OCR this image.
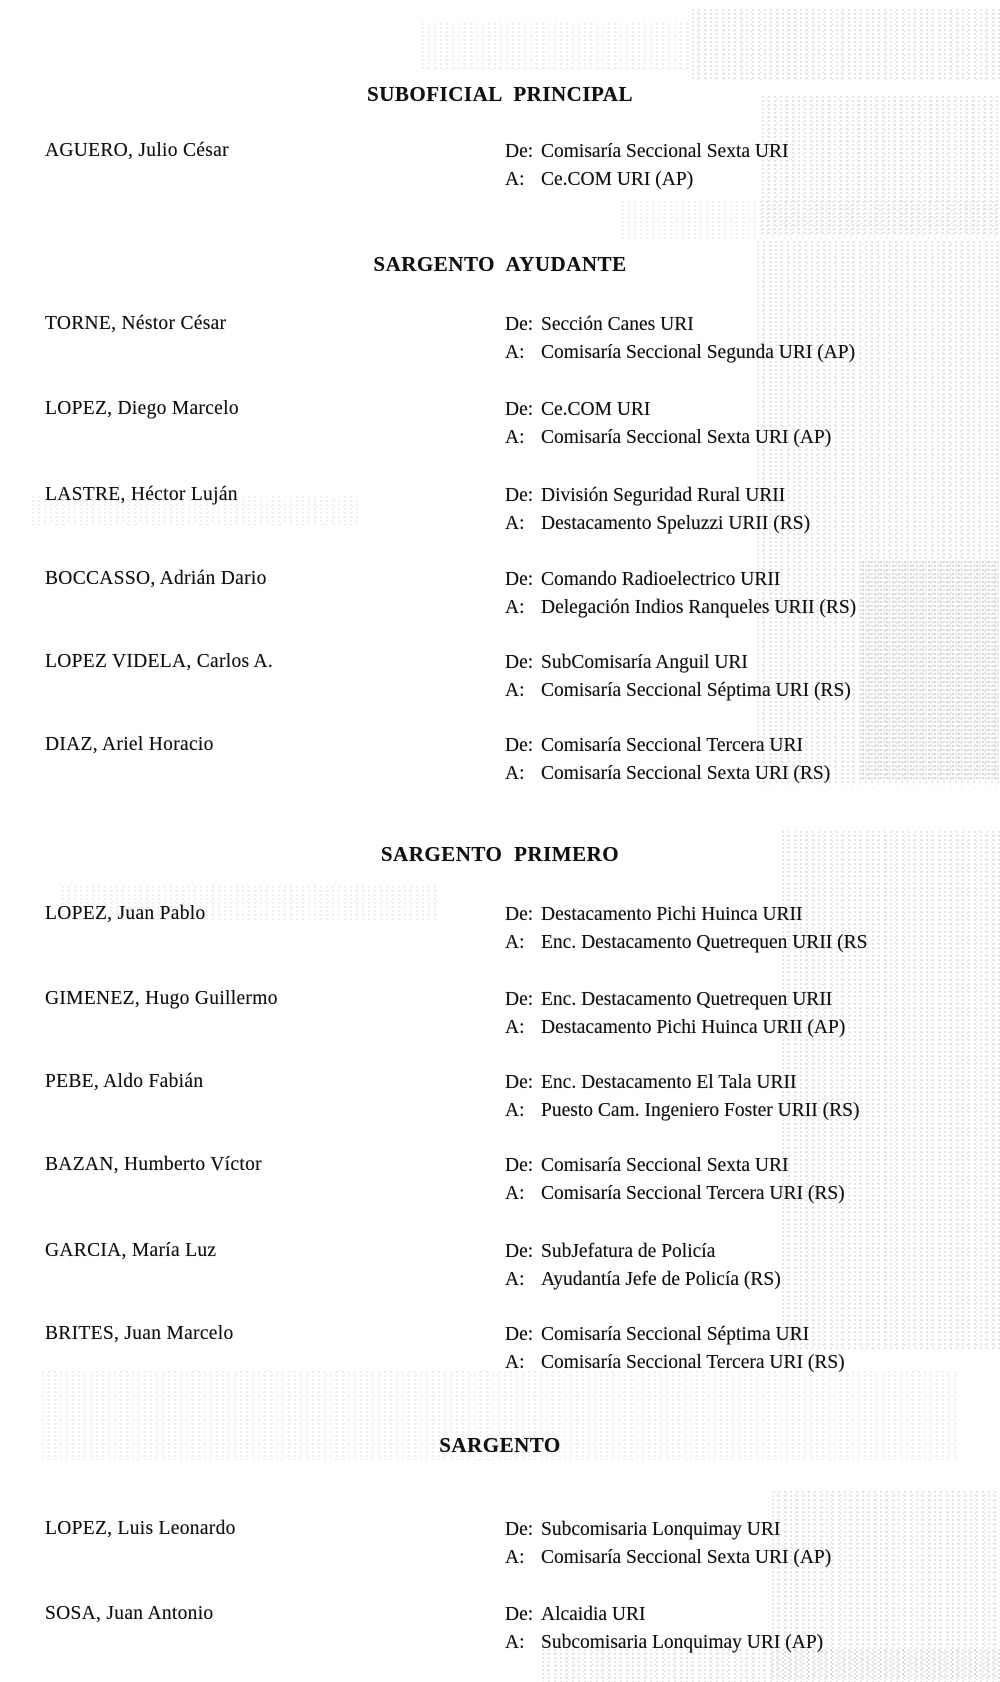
SUBOFICIAL PRINCIPAL
AGUERO, Julio César	De: Comisaría Seccional Sexta URI
A: Ce.COM URI (AP)
SARGENTO AYUDANTE
TORNE, Néstor César	De: Sección Canes URI
A: Comisaría Seccional Segunda URI (AP)
LOPEZ, Diego Marcelo	De: Ce.COM URI
A: Comisaría Seccional Sexta URI (AP)
LASTRE, Héctor Luján	De: División Seguridad Rural URII
A: Destacamento Speluzzi URII (RS)
BOCCASSO, Adrián Dario	De: Comando Radioelectrico URII
A: Delegación Indios Ranqueles URII (RS)
LOPEZ VIDELA, Carlos A.	De: SubComisaría Anguil URI
A: Comisaría Seccional Séptima URI (RS)
DIAZ, Ariel Horacio	De: Comisaría Seccional Tercera URI
A: Comisaría Seccional Sexta URI (RS)
SARGENTO PRIMERO
LOPEZ, Juan Pablo	De: Destacamento Pichi Huinca URII
A: Enc. Destacamento Quetrequen URII (RS
GIMENEZ, Hugo Guillermo	De: Enc. Destacamento Quetrequen URII
A: Destacamento Pichi Huinca URII (AP)
PEBE, Aldo Fabián	De: Enc. Destacamento El Tala URII
A: Puesto Cam. Ingeniero Foster URII (RS)
BAZAN, Humberto Víctor	De: Comisaría Seccional Sexta URI
A: Comisaría Seccional Tercera URI (RS)
GARCIA, María Luz	De: SubJefatura de Policía
A: Ayudantía Jefe de Policía (RS)
BRITES, Juan Marcelo	De: Comisaría Seccional Séptima URI
A: Comisaría Seccional Tercera URI (RS)
SARGENTO
LOPEZ, Luis Leonardo	De: Subcomisaria Lonquimay URI
A: Comisaría Seccional Sexta URI (AP)
SOSA, Juan Antonio	De: Alcaidia URI
A: Subcomisaria Lonquimay URI (AP)
